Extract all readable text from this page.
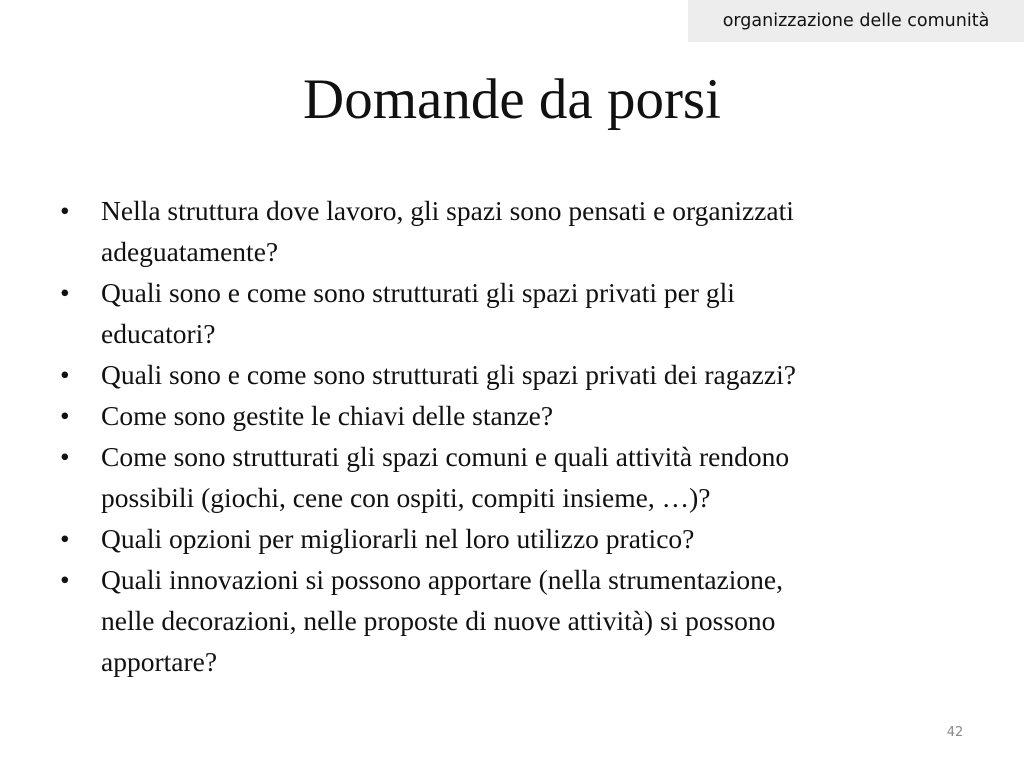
organizzazione delle comunità
Domande da porsi
• Nella struttura dove lavoro, gli spazi sono pensati e organizzati
adeguatamente?
• Quali sono e come sono strutturati gli spazi privati per gli
educatori?
• Quali sono e come sono strutturati gli spazi privati dei ragazzi?
• Come sono gestite le chiavi delle stanze?
• Come sono strutturati gli spazi comuni e quali attività rendono
possibili (giochi, cene con ospiti, compiti insieme, …)?
• Quali opzioni per migliorarli nel loro utilizzo pratico?
• Quali innovazioni si possono apportare (nella strumentazione,
nelle decorazioni, nelle proposte di nuove attività) si possono
apportare?
42
